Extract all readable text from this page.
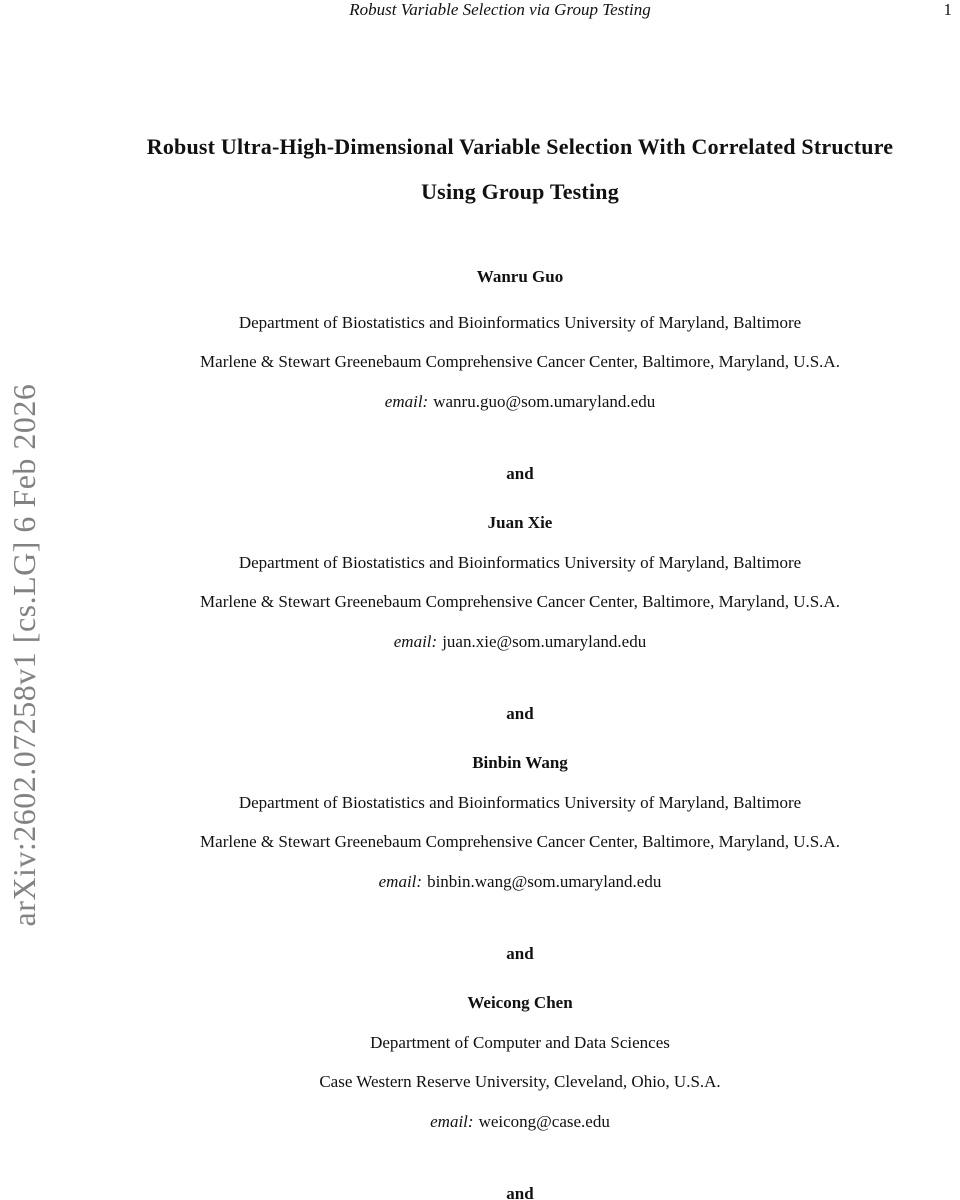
Robust Variable Selection via Group Testing	1
arXiv:2602.07258v1 [cs.LG] 6 Feb 2026
Robust Ultra-High-Dimensional Variable Selection With Correlated Structure
Using Group Testing
Wanru Guo
Department of Biostatistics and Bioinformatics University of Maryland, Baltimore
Marlene & Stewart Greenebaum Comprehensive Cancer Center, Baltimore, Maryland, U.S.A.
email: wanru.guo@som.umaryland.edu
and
Juan Xie
Department of Biostatistics and Bioinformatics University of Maryland, Baltimore
Marlene & Stewart Greenebaum Comprehensive Cancer Center, Baltimore, Maryland, U.S.A.
email: juan.xie@som.umaryland.edu
and
Binbin Wang
Department of Biostatistics and Bioinformatics University of Maryland, Baltimore
Marlene & Stewart Greenebaum Comprehensive Cancer Center, Baltimore, Maryland, U.S.A.
email: binbin.wang@som.umaryland.edu
and
Weicong Chen
Department of Computer and Data Sciences
Case Western Reserve University, Cleveland, Ohio, U.S.A.
email: weicong@case.edu
and
